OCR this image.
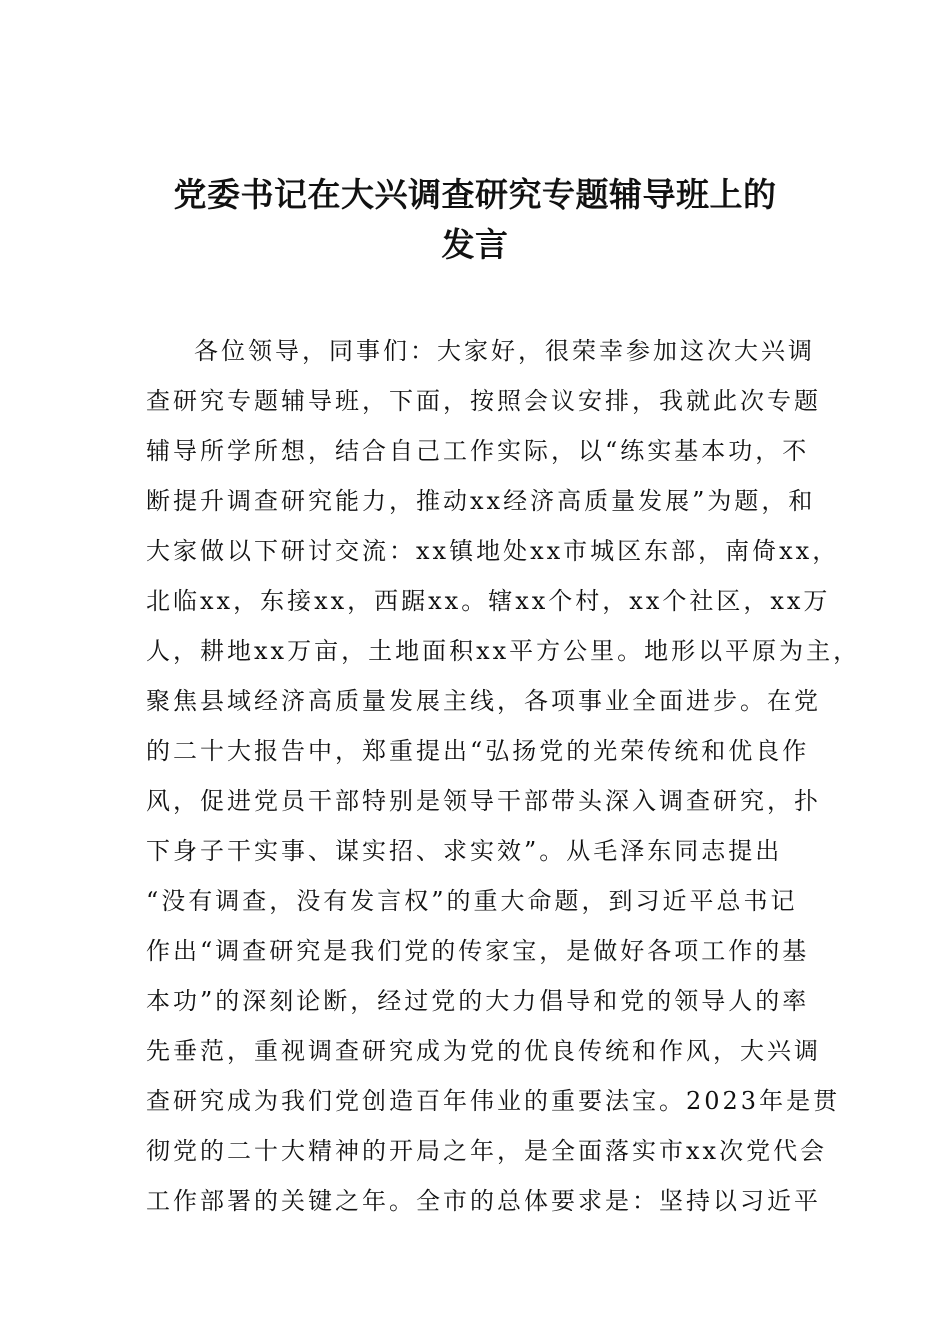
党委书记在大兴调查研究专题辅导班上的
发言
各位领导，同事们：大家好，很荣幸参加这次大兴调
查研究专题辅导班，下面，按照会议安排，我就此次专题
辅导所学所想，结合自己工作实际，以“练实基本功，不
断提升调查研究能力，推动xx经济高质量发展”为题，和
大家做以下研讨交流：xx镇地处xx市城区东部，南倚xx，
北临xx，东接xx，西踞xx。辖xx个村，xx个社区，xx万
人，耕地xx万亩，土地面积xx平方公里。地形以平原为主，
聚焦县域经济高质量发展主线，各项事业全面进步。在党
的二十大报告中，郑重提出“弘扬党的光荣传统和优良作
风，促进党员干部特别是领导干部带头深入调查研究，扑
下身子干实事、谋实招、求实效”。从毛泽东同志提出
“没有调查，没有发言权”的重大命题，到习近平总书记
作出“调查研究是我们党的传家宝，是做好各项工作的基
本功”的深刻论断，经过党的大力倡导和党的领导人的率
先垂范，重视调查研究成为党的优良传统和作风，大兴调
查研究成为我们党创造百年伟业的重要法宝。2023年是贯
彻党的二十大精神的开局之年，是全面落实市xx次党代会
工作部署的关键之年。全市的总体要求是：坚持以习近平
